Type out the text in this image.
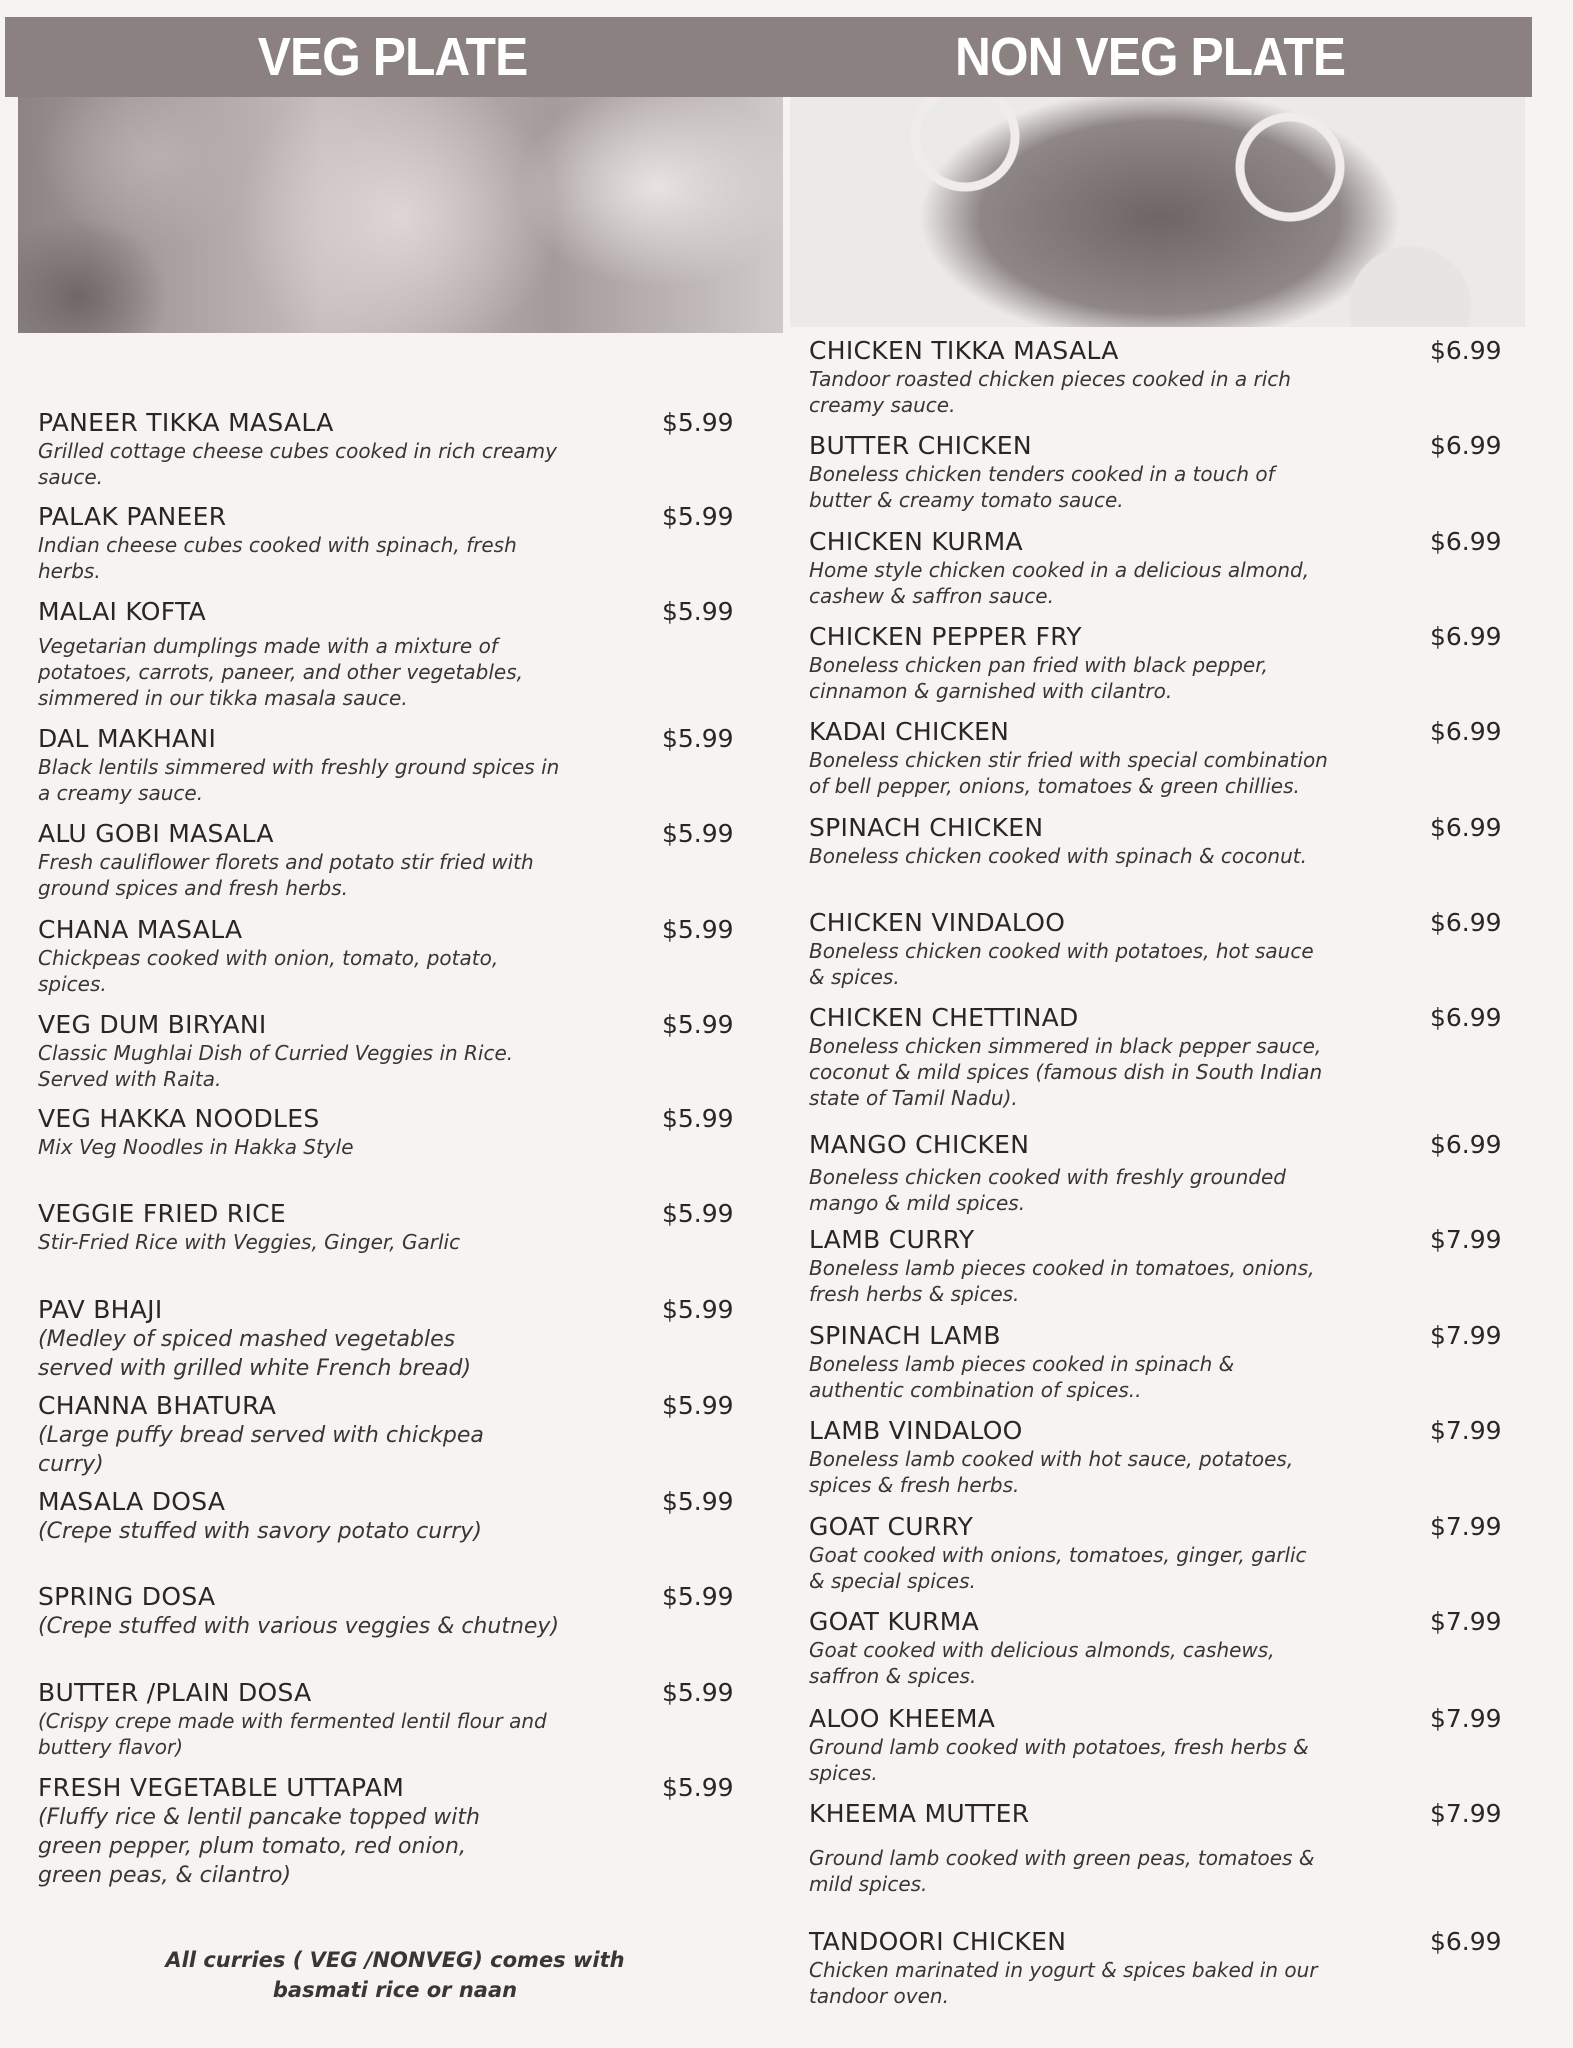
VEG PLATE	NON VEG PLATE
PANEER TIKKA MASALA
Grilled cottage cheese cubes cooked in rich creamy
sauce.
$5.99
PALAK PANEER
Indian cheese cubes cooked with spinach, fresh
herbs.
$5.99
MALAI KOFTA
Vegetarian dumplings made with a mixture of
potatoes, carrots, paneer, and other vegetables,
simmered in our tikka masala sauce.
$5.99
DAL MAKHANI
Black lentils simmered with freshly ground spices in
a creamy sauce.
$5.99
ALU GOBI MASALA
Fresh cauliflower florets and potato stir fried with
ground spices and fresh herbs.
$5.99
CHANA MASALA
Chickpeas cooked with onion, tomato, potato,
spices.
$5.99
VEG DUM BIRYANI
Classic Mughlai Dish of Curried Veggies in Rice.
Served with Raita.
$5.99
VEG HAKKA NOODLES
Mix Veg Noodles in Hakka Style
$5.99
VEGGIE FRIED RICE
Stir-Fried Rice with Veggies, Ginger, Garlic
$5.99
PAV BHAJI
(Medley of spiced mashed vegetables
served with grilled white French bread)
$5.99
CHANNA BHATURA
(Large puffy bread served with chickpea
curry)
$5.99
MASALA DOSA
(Crepe stuffed with savory potato curry)
$5.99
SPRING DOSA
(Crepe stuffed with various veggies & chutney)
$5.99
BUTTER /PLAIN DOSA
(Crispy crepe made with fermented lentil flour and
buttery flavor)
$5.99
FRESH VEGETABLE UTTAPAM
(Fluffy rice & lentil pancake topped with
green pepper, plum tomato, red onion,
green peas, & cilantro)
$5.99
CHICKEN TIKKA MASALA
Tandoor roasted chicken pieces cooked in a rich
creamy sauce.
$6.99
BUTTER CHICKEN
Boneless chicken tenders cooked in a touch of
butter & creamy tomato sauce.
$6.99
CHICKEN KURMA
Home style chicken cooked in a delicious almond,
cashew & saffron sauce.
$6.99
CHICKEN PEPPER FRY
Boneless chicken pan fried with black pepper,
cinnamon & garnished with cilantro.
$6.99
KADAI CHICKEN
Boneless chicken stir fried with special combination
of bell pepper, onions, tomatoes & green chillies.
$6.99
SPINACH CHICKEN
Boneless chicken cooked with spinach & coconut.
$6.99
CHICKEN VINDALOO
Boneless chicken cooked with potatoes, hot sauce
& spices.
$6.99
CHICKEN CHETTINAD
Boneless chicken simmered in black pepper sauce,
coconut & mild spices (famous dish in South Indian
state of Tamil Nadu).
$6.99
MANGO CHICKEN
Boneless chicken cooked with freshly grounded
mango & mild spices.
$6.99
LAMB CURRY
Boneless lamb pieces cooked in tomatoes, onions,
fresh herbs & spices.
$7.99
SPINACH LAMB
Boneless lamb pieces cooked in spinach &
authentic combination of spices..
$7.99
LAMB VINDALOO
Boneless lamb cooked with hot sauce, potatoes,
spices & fresh herbs.
$7.99
GOAT CURRY
Goat cooked with onions, tomatoes, ginger, garlic
& special spices.
$7.99
GOAT KURMA
Goat cooked with delicious almonds, cashews,
saffron & spices.
$7.99
ALOO KHEEMA
Ground lamb cooked with potatoes, fresh herbs &
spices.
$7.99
KHEEMA MUTTER
Ground lamb cooked with green peas, tomatoes &
mild spices.
$7.99
TANDOORI CHICKEN
Chicken marinated in yogurt & spices baked in our
tandoor oven.
$6.99
All curries ( VEG /NONVEG) comes with
basmati rice or naan
